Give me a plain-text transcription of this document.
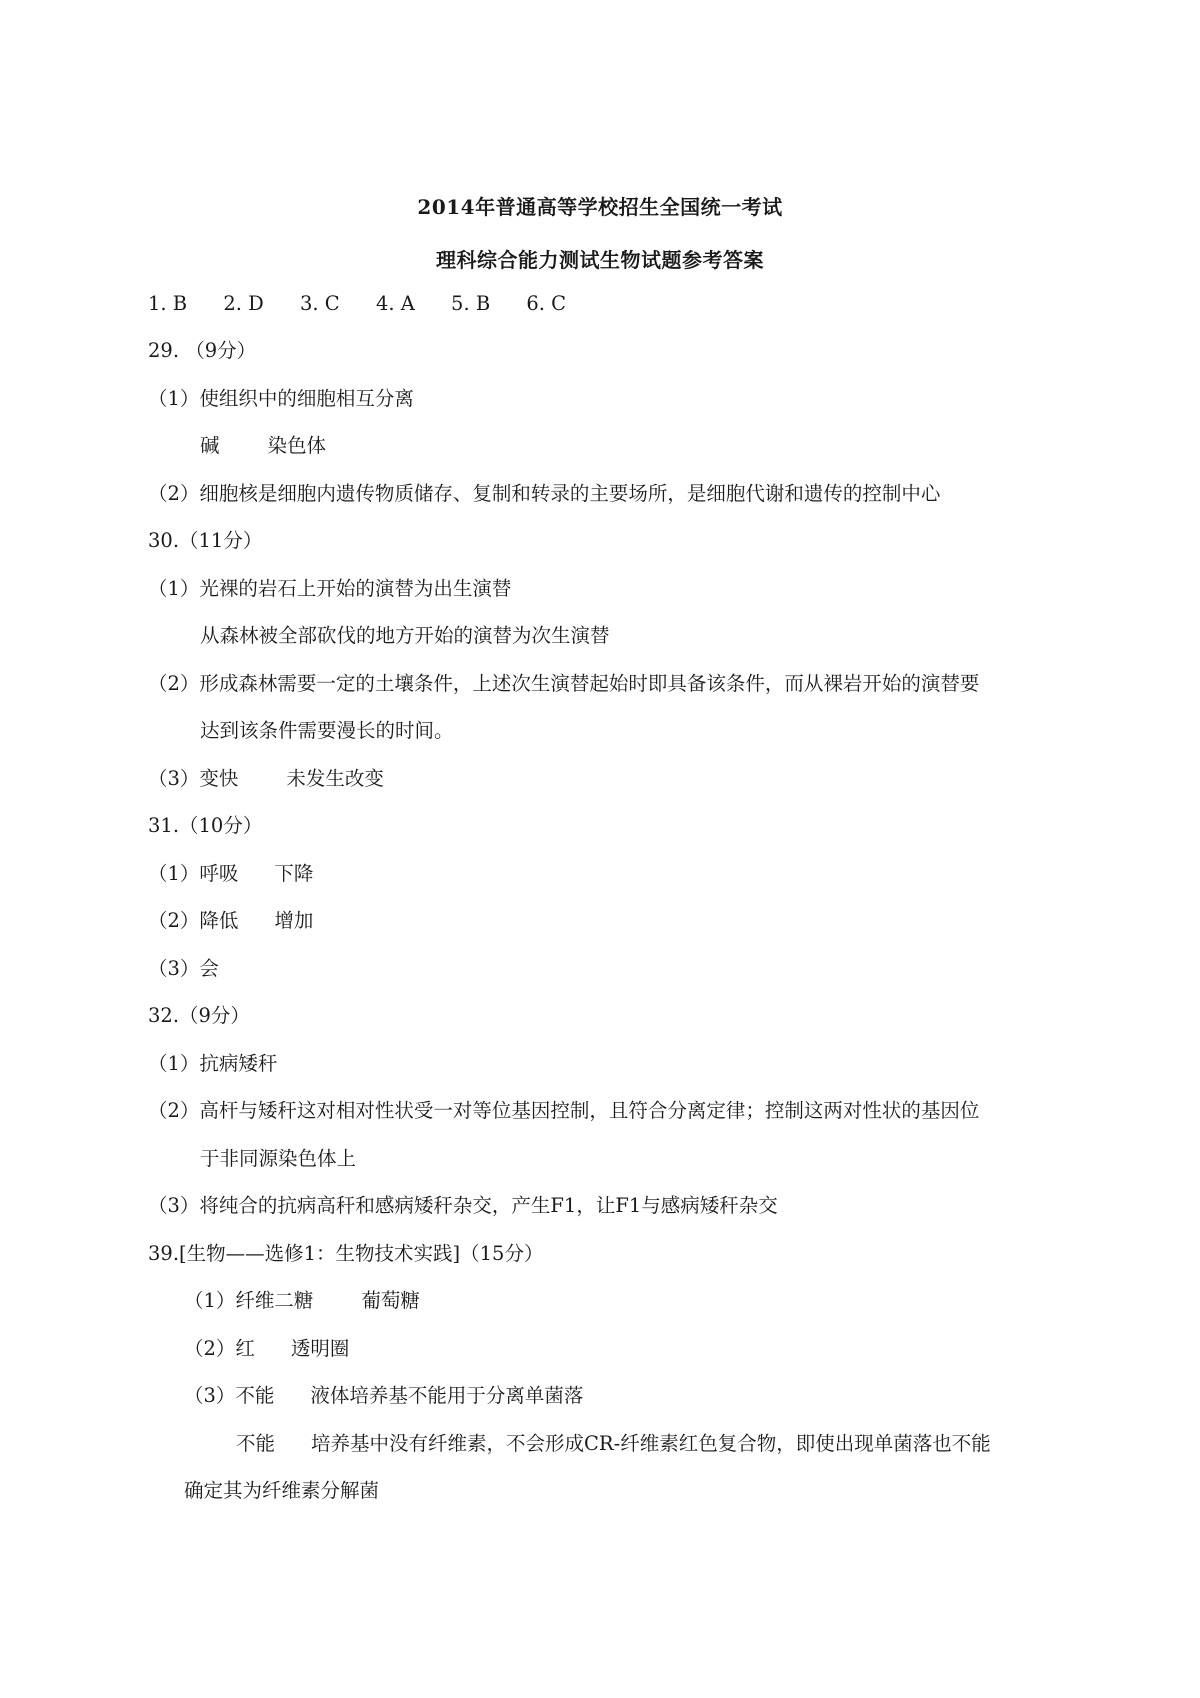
2014年普通高等学校招生全国统一考试
理科综合能力测试生物试题参考答案
1. B 2. D 3. C 4. A 5. B 6. C
29. （9分）
（1）使组织中的细胞相互分离
碱 染色体
（2）细胞核是细胞内遗传物质储存、复制和转录的主要场所，是细胞代谢和遗传的控制中心
30.（11分）
（1）光裸的岩石上开始的演替为出生演替
从森林被全部砍伐的地方开始的演替为次生演替
（2）形成森林需要一定的土壤条件，上述次生演替起始时即具备该条件，而从裸岩开始的演替要
达到该条件需要漫长的时间。
（3）变快 未发生改变
31.（10分）
（1）呼吸 下降
（2）降低 增加
（3）会
32.（9分）
（1）抗病矮秆
（2）高杆与矮秆这对相对性状受一对等位基因控制，且符合分离定律；控制这两对性状的基因位
于非同源染色体上
（3）将纯合的抗病高秆和感病矮秆杂交，产生F1，让F1与感病矮秆杂交
39.[生物——选修1：生物技术实践]（15分）
（1）纤维二糖 葡萄糖
（2）红 透明圈
（3）不能 液体培养基不能用于分离单菌落
不能 培养基中没有纤维素，不会形成CR-纤维素红色复合物，即使出现单菌落也不能
确定其为纤维素分解菌
